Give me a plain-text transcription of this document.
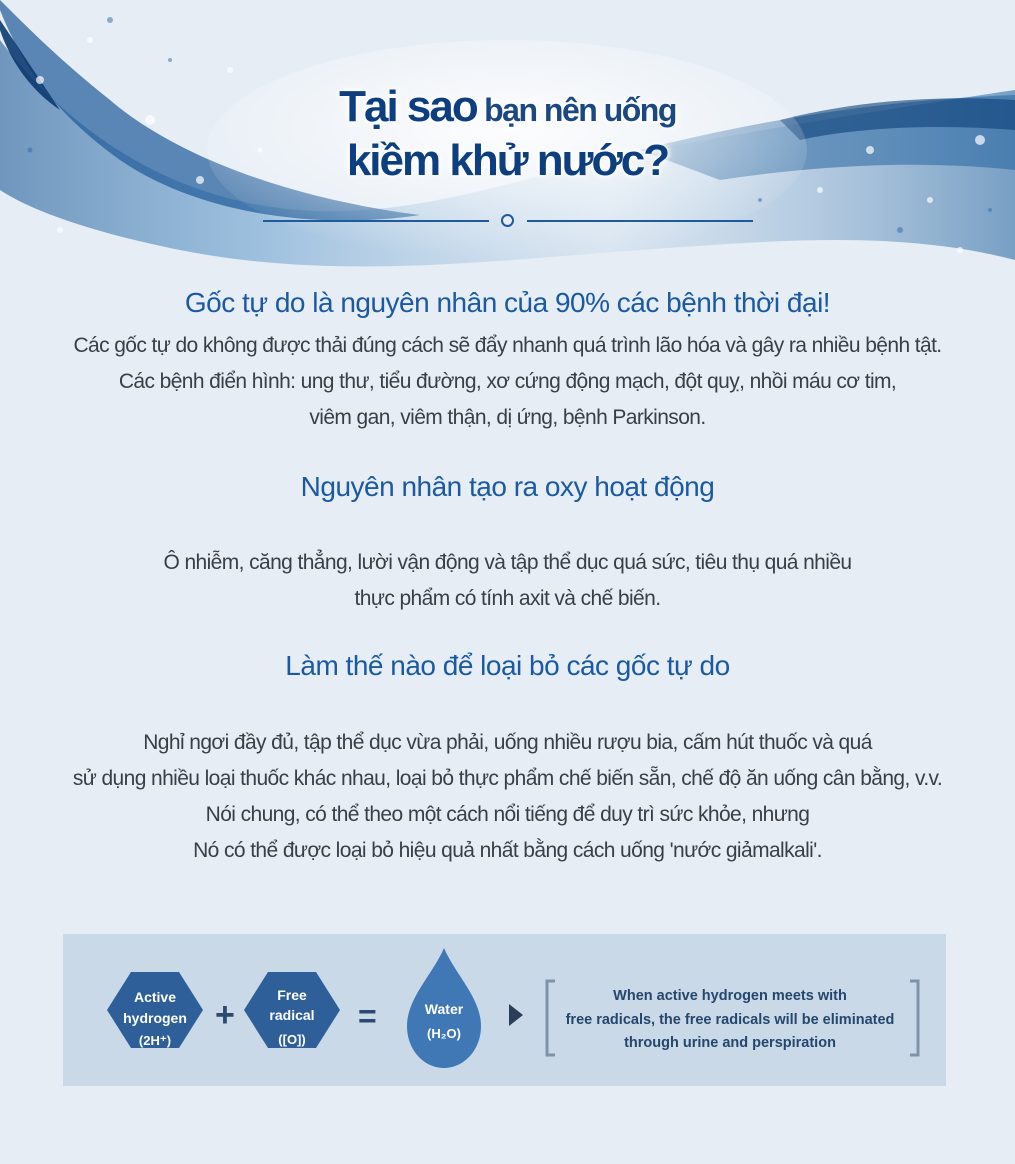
Tại sao bạn nên uống
kiềm khử nước?
Gốc tự do là nguyên nhân của 90% các bệnh thời đại!
Các gốc tự do không được thải đúng cách sẽ đẩy nhanh quá trình lão hóa và gây ra nhiều bệnh tật.
Các bệnh điển hình: ung thư, tiểu đường, xơ cứng động mạch, đột quỵ, nhồi máu cơ tim,
viêm gan, viêm thận, dị ứng, bệnh Parkinson.
Nguyên nhân tạo ra oxy hoạt động
Ô nhiễm, căng thẳng, lười vận động và tập thể dục quá sức, tiêu thụ quá nhiều
thực phẩm có tính axit và chế biến.
Làm thế nào để loại bỏ các gốc tự do
Nghỉ ngơi đầy đủ, tập thể dục vừa phải, uống nhiều rượu bia, cấm hút thuốc và quá
sử dụng nhiều loại thuốc khác nhau, loại bỏ thực phẩm chế biến sẵn, chế độ ăn uống cân bằng, v.v.
Nói chung, có thể theo một cách nổi tiếng để duy trì sức khỏe, nhưng
Nó có thể được loại bỏ hiệu quả nhất bằng cách uống 'nước giảmalkali'.
Active
hydrogen
(2H⁺)
+
Free
radical
([O])
=	Water
(H₂O)
When active hydrogen meets with
free radicals, the free radicals will be eliminated
through urine and perspiration
